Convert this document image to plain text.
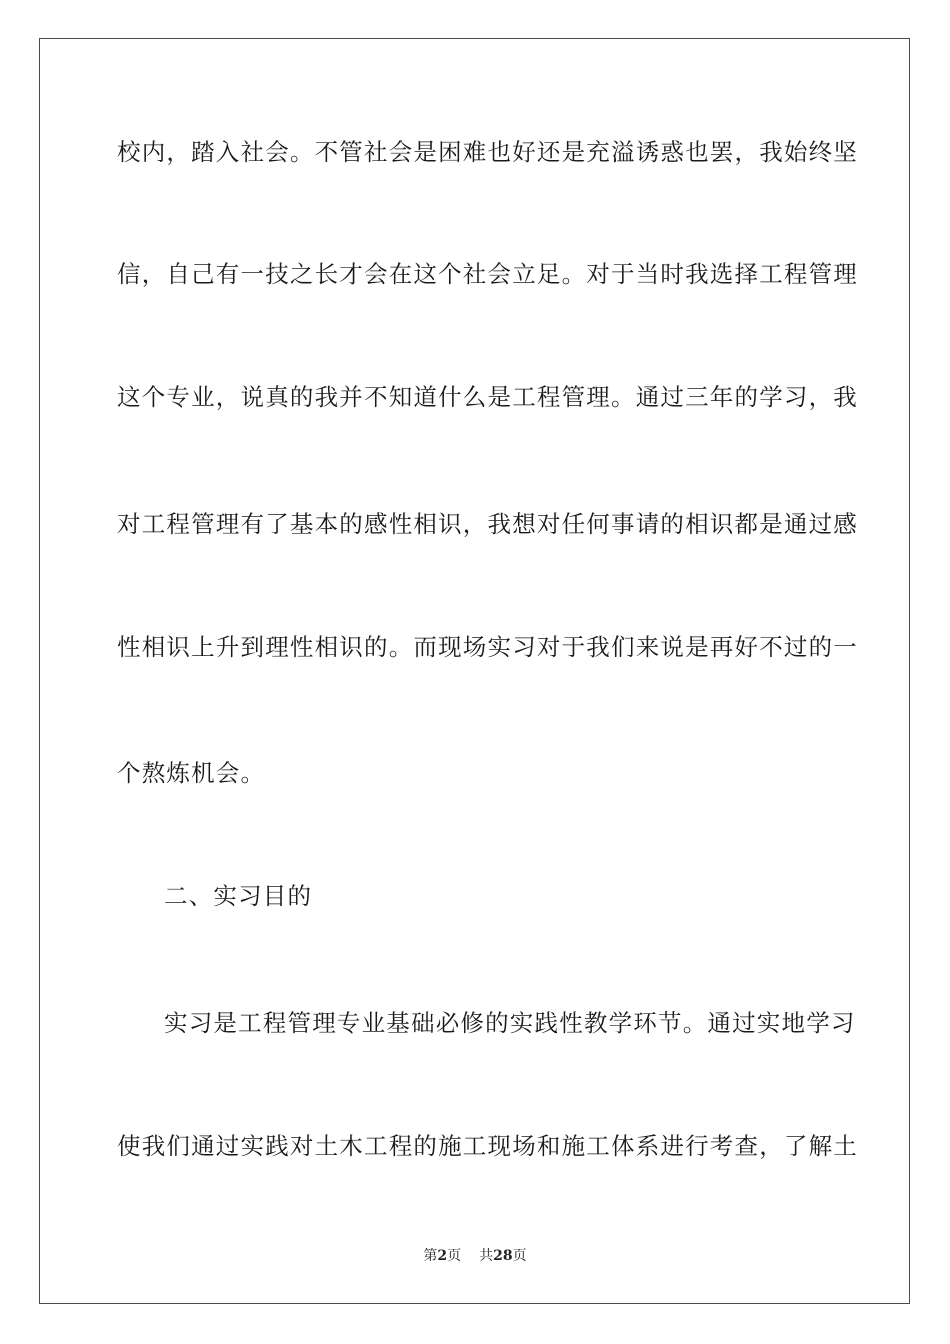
校内，踏入社会。不管社会是困难也好还是充溢诱惑也罢，我始终坚
信，自己有一技之长才会在这个社会立足。对于当时我选择工程管理
这个专业，说真的我并不知道什么是工程管理。通过三年的学习，我
对工程管理有了基本的感性相识，我想对任何事请的相识都是通过感
性相识上升到理性相识的。而现场实习对于我们来说是再好不过的一
个熬炼机会。
二、实习目的
实习是工程管理专业基础必修的实践性教学环节。通过实地学习
使我们通过实践对土木工程的施工现场和施工体系进行考查，了解土
第2页 共28页
